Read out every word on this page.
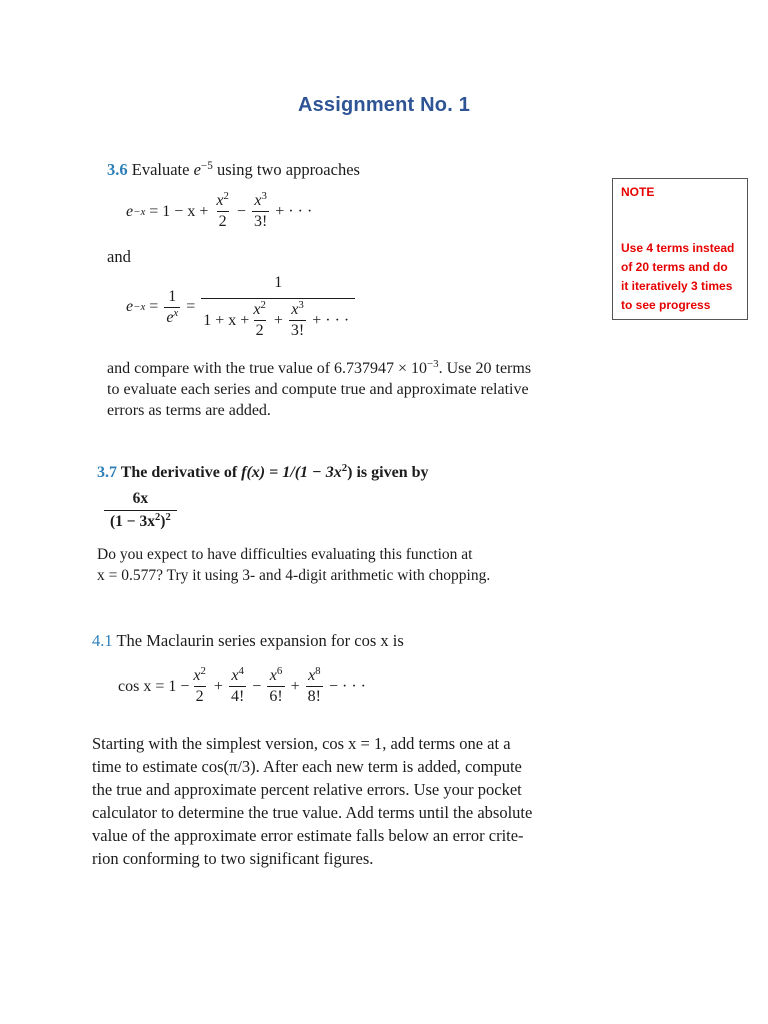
Assignment No. 1
NOTE
Use 4 terms instead
of 20 terms and do
it iteratively 3 times
to see progress
3.6 Evaluate $e^{-5}$ using two approaches
$e -x = 1 - x + \frac{x^2}{2} - \frac{x^3}{3!}$ + · · ·
and
$e -x = \frac{1}{e^x}$ =
1
$1 + x + \frac{x^2}{2} + \frac{x^3}{3!}$ + · · ·
and compare with the true value of $6.737947 \times 10^{-3}$. Use 20 terms
to evaluate each series and compute true and approximate relative
errors as terms are added.
3.7 The derivative of $f(x) = 1/(1 - 3x^2)$ is given by
$\frac{6x}{(1 - 3x^2)^2}$
Do you expect to have difficulties evaluating this function at
x = 0.577? Try it using 3- and 4-digit arithmetic with chopping.
4.1 The Maclaurin series expansion for cos x is
$\cos x = 1 - \frac{x^2}{2} + \frac{x^4}{4!} - \frac{x^6}{6!} + \frac{x^8}{8!}$ − · · ·
Starting with the simplest version, cos x = 1, add terms one at a
time to estimate cos(π/3). After each new term is added, compute
the true and approximate percent relative errors. Use your pocket
calculator to determine the true value. Add terms until the absolute
value of the approximate error estimate falls below an error crite-
rion conforming to two significant figures.
